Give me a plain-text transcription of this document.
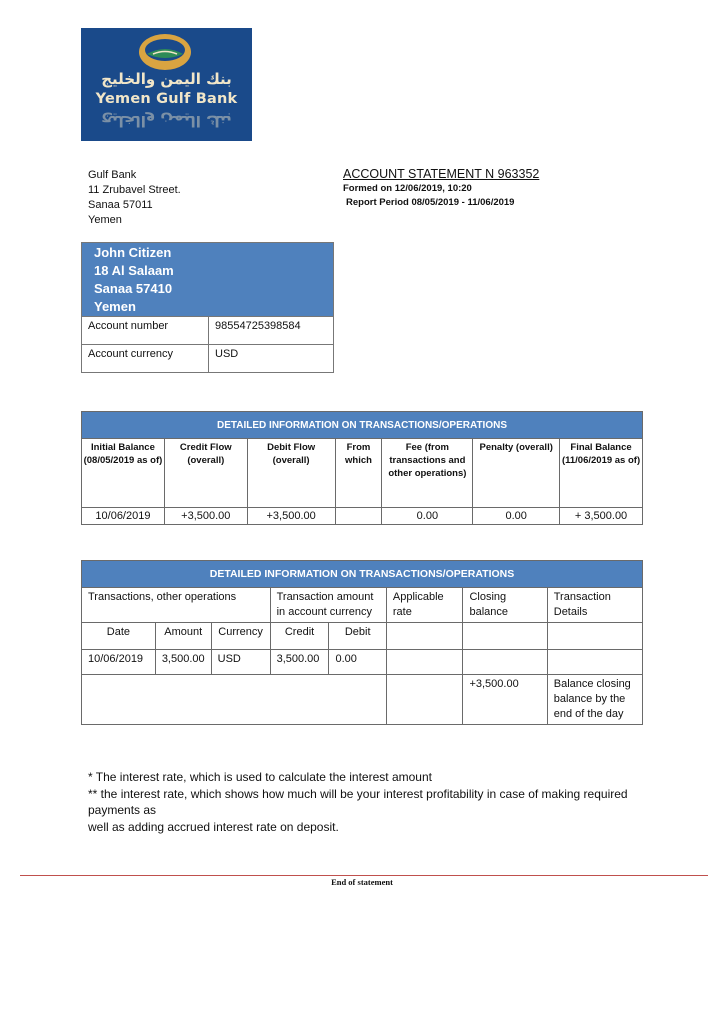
بنك اليمن والخليج
Yemen Gulf Bank
بنك اليمن والخليج
Gulf Bank
11 Zrubavel Street.
Sanaa 57011
Yemen
ACCOUNT STATEMENT N 963352
Formed on 12/06/2019, 10:20
Report Period 08/05/2019 - 11/06/2019
John Citizen
18 Al Salaam
Sanaa 57410
Yemen
Account number	98554725398584
Account currency	USD
DETAILED INFORMATION ON TRANSACTIONS/OPERATIONS						
Initial Balance (08/05/2019 as of)	Credit Flow (overall)	Debit Flow (overall)	From which	Fee (from transactions and other operations)	Penalty (overall)	Final Balance (11/06/2019 as of)
10/06/2019	+3,500.00	+3,500.00		0.00	0.00	+ 3,500.00
DETAILED INFORMATION ON TRANSACTIONS/OPERATIONS							
Transactions, other operations			Transaction amount in account currency		Applicable rate	Closing balance	Transaction Details
Date	Amount	Currency	Credit	Debit			
10/06/2019	3,500.00	USD	3,500.00	0.00			
						+3,500.00	Balance closing balance by the end of the day
* The interest rate, which is used to calculate the interest amount
** the interest rate, which shows how much will be your interest profitability in case of making required payments as
well as adding accrued interest rate on deposit.
End of statement
